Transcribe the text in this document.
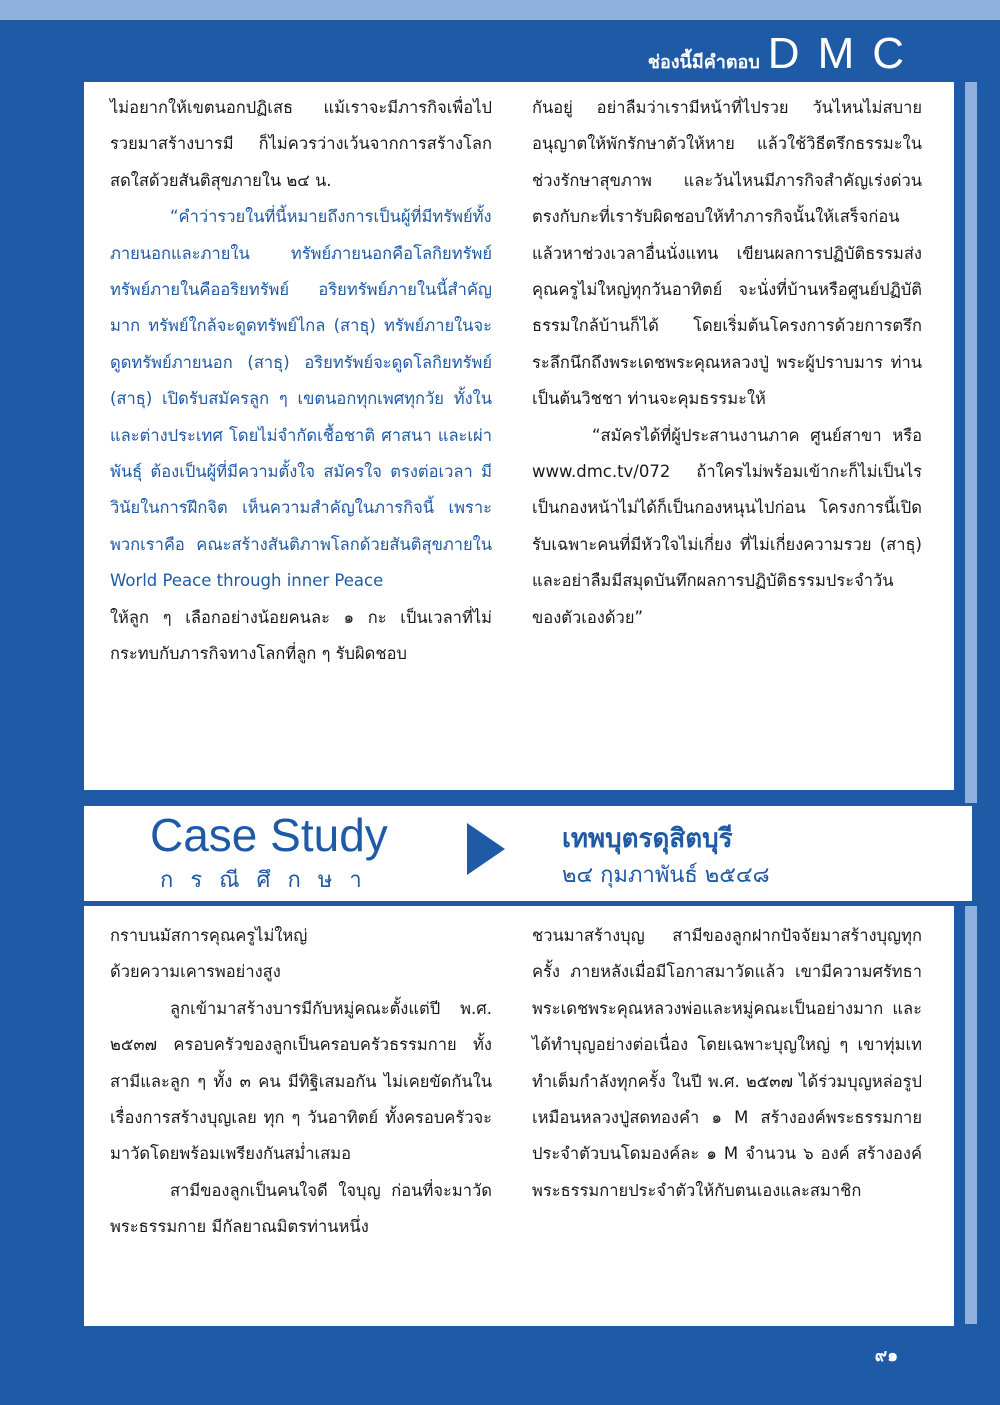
ช่องนี้มีคำตอบ DMC

ไม่อยากให้เขตนอกปฏิเสธ แม้เราจะมีภารกิจเพื่อไปรวยมาสร้างบารมี ก็ไม่ควรว่างเว้นจากการสร้างโลกสดใสด้วยสันติสุขภายใน ๒๔ น.

“คำว่ารวยในที่นี้หมายถึงการเป็นผู้ที่มีทรัพย์ทั้งภายนอกและภายใน ทรัพย์ภายนอกคือโลกิยทรัพย์ ทรัพย์ภายในคืออริยทรัพย์ อริยทรัพย์ภายในนี้สำคัญมาก ทรัพย์ใกล้จะดูดทรัพย์ไกล (สาธุ) ทรัพย์ภายในจะดูดทรัพย์ภายนอก (สาธุ) อริยทรัพย์จะดูดโลกิยทรัพย์ (สาธุ) เปิดรับสมัครลูก ๆ เขตนอกทุกเพศทุกวัย ทั้งในและต่างประเทศ โดยไม่จำกัดเชื้อชาติ ศาสนา และเผ่าพันธุ์ ต้องเป็นผู้ที่มีความตั้งใจ สมัครใจ ตรงต่อเวลา มีวินัยในการฝึกจิต เห็นความสำคัญในภารกิจนี้ เพราะพวกเราคือ คณะสร้างสันติภาพโลกด้วยสันติสุขภายใน World Peace through inner Peace

ให้ลูก ๆ เลือกอย่างน้อยคนละ ๑ กะ เป็นเวลาที่ไม่กระทบกับภารกิจทางโลกที่ลูก ๆ รับผิดชอบ

กันอยู่ อย่าลืมว่าเรามีหน้าที่ไปรวย วันไหนไม่สบายอนุญาตให้พักรักษาตัวให้หาย แล้วใช้วิธีตรึกธรรมะในช่วงรักษาสุขภาพ และวันไหนมีภารกิจสำคัญเร่งด่วนตรงกับกะที่เรารับผิดชอบให้ทำภารกิจนั้นให้เสร็จก่อน แล้วหาช่วงเวลาอื่นนั่งแทน เขียนผลการปฏิบัติธรรมส่งคุณครูไม่ใหญ่ทุกวันอาทิตย์ จะนั่งที่บ้านหรือศูนย์ปฏิบัติธรรมใกล้บ้านก็ได้ โดยเริ่มต้นโครงการด้วยการตรึกระลึกนึกถึงพระเดชพระคุณหลวงปู่ พระผู้ปราบมาร ท่านเป็นต้นวิชชา ท่านจะคุมธรรมะให้

“สมัครได้ที่ผู้ประสานงานภาค ศูนย์สาขา หรือ www.dmc.tv/072 ถ้าใครไม่พร้อมเข้ากะก็ไม่เป็นไร เป็นกองหน้าไม่ได้ก็เป็นกองหนุนไปก่อน โครงการนี้เปิดรับเฉพาะคนที่มีหัวใจไม่เกี่ยง ที่ไม่เกี่ยงความรวย (สาธุ) และอย่าลืมมีสมุดบันทึกผลการปฏิบัติธรรมประจำวันของตัวเองด้วย”

Case Study
กรณีศึกษา
เทพบุตรดุสิตบุรี
๒๔ กุมภาพันธ์ ๒๕๔๘

กราบนมัสการคุณครูไม่ใหญ่

ด้วยความเคารพอย่างสูง

ลูกเข้ามาสร้างบารมีกับหมู่คณะตั้งแต่ปี พ.ศ. ๒๕๓๗ ครอบครัวของลูกเป็นครอบครัวธรรมกาย ทั้งสามีและลูก ๆ ทั้ง ๓ คน มีทิฐิเสมอกัน ไม่เคยขัดกันในเรื่องการสร้างบุญเลย ทุก ๆ วันอาทิตย์ ทั้งครอบครัวจะมาวัดโดยพร้อมเพรียงกันสม่ำเสมอ

สามีของลูกเป็นคนใจดี ใจบุญ ก่อนที่จะมาวัดพระธรรมกาย มีกัลยาณมิตรท่านหนึ่ง

ชวนมาสร้างบุญ สามีของลูกฝากปัจจัยมาสร้างบุญทุกครั้ง ภายหลังเมื่อมีโอกาสมาวัดแล้ว เขามีความศรัทธาพระเดชพระคุณหลวงพ่อและหมู่คณะเป็นอย่างมาก และได้ทำบุญอย่างต่อเนื่อง โดยเฉพาะบุญใหญ่ ๆ เขาทุ่มเททำเต็มกำลังทุกครั้ง ในปี พ.ศ. ๒๕๓๗ ได้ร่วมบุญหล่อรูปเหมือนหลวงปู่สดทองคำ ๑ M สร้างองค์พระธรรมกายประจำตัวบนโดมองค์ละ ๑ M จำนวน ๖ องค์ สร้างองค์พระธรรมกายประจำตัวให้กับตนเองและสมาชิก

กรกฎาคม ๒๕๕๗ อยู่ในบุญ	๙๑
